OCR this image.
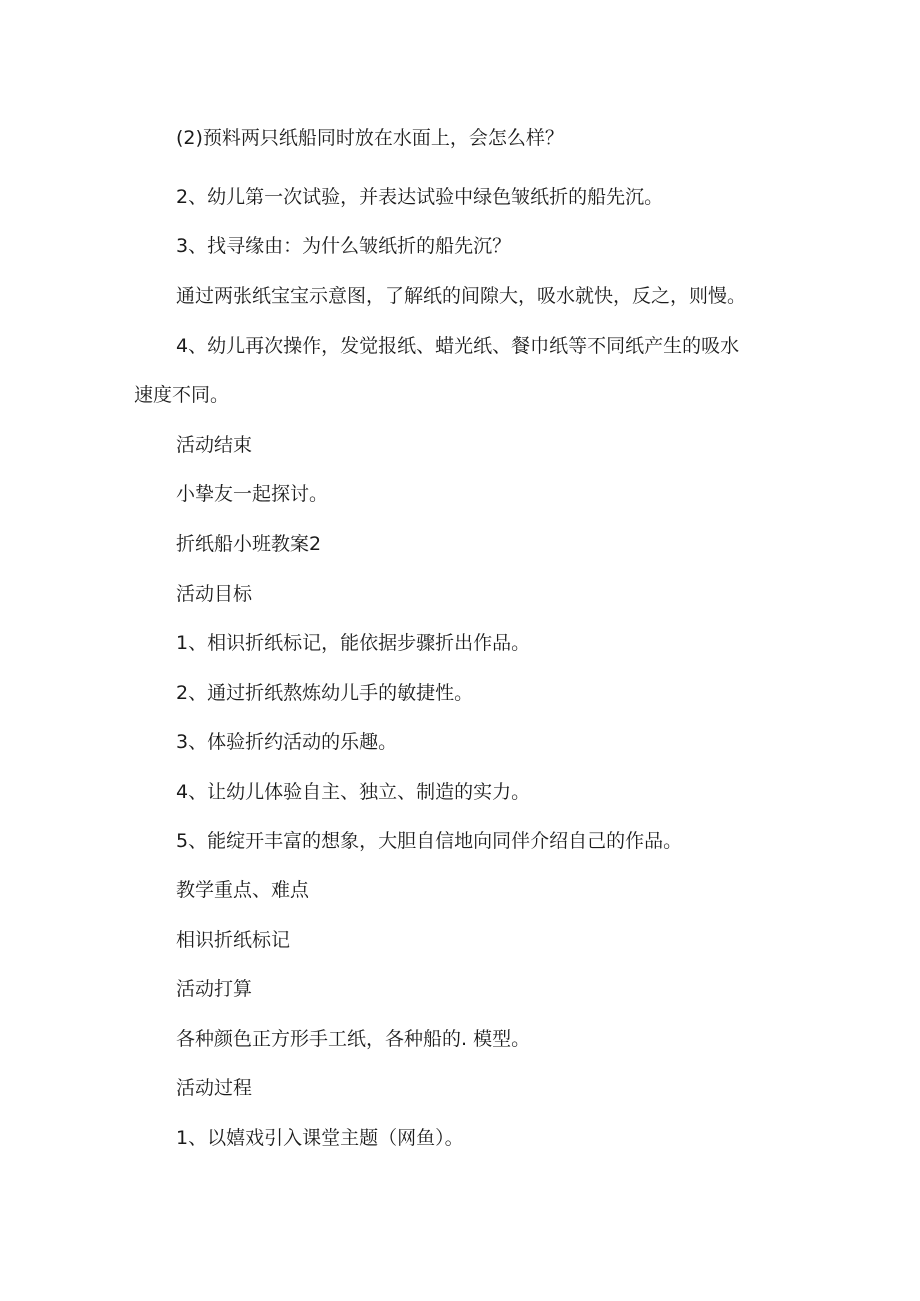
(2)预料两只纸船同时放在水面上，会怎么样？
2、幼儿第一次试验，并表达试验中绿色皱纸折的船先沉。
3、找寻缘由：为什么皱纸折的船先沉？
通过两张纸宝宝示意图，了解纸的间隙大，吸水就快，反之，则慢。
4、幼儿再次操作，发觉报纸、蜡光纸、餐巾纸等不同纸产生的吸水
速度不同。
活动结束
小挚友一起探讨。
折纸船小班教案2
活动目标
1、相识折纸标记，能依据步骤折出作品。
2、通过折纸熬炼幼儿手的敏捷性。
3、体验折约活动的乐趣。
4、让幼儿体验自主、独立、制造的实力。
5、能绽开丰富的想象，大胆自信地向同伴介绍自己的作品。
教学重点、难点
相识折纸标记
活动打算
各种颜色正方形手工纸，各种船的. 模型。
活动过程
1、以嬉戏引入课堂主题（网鱼）。
